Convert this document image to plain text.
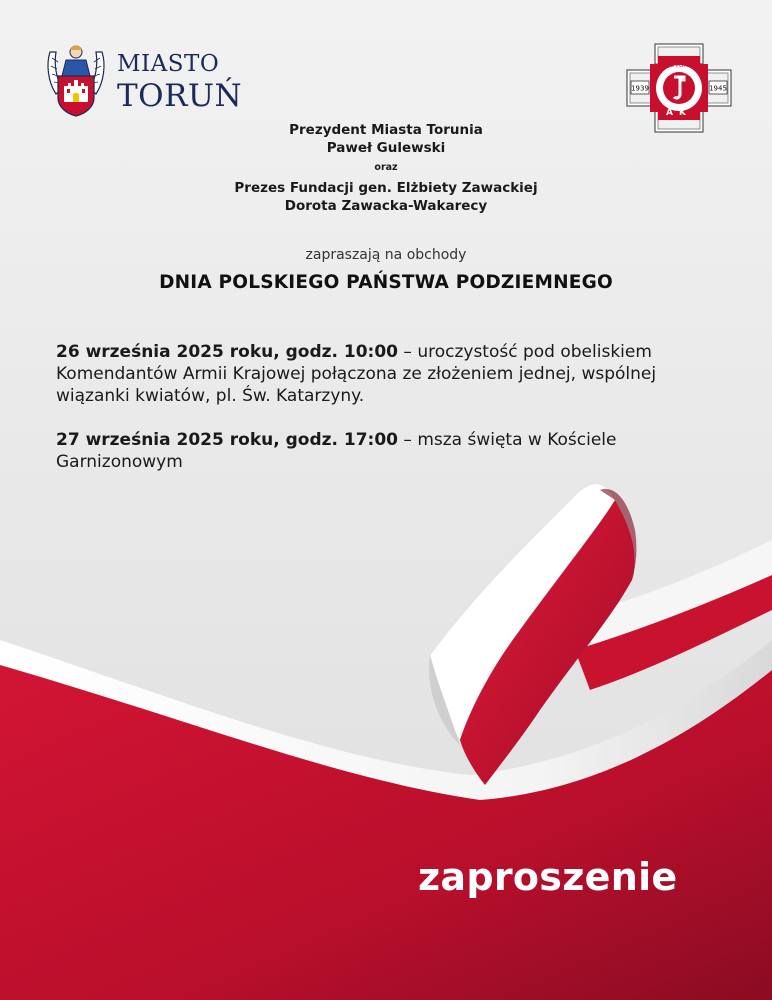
MIASTO
TORUŃ	1939	1945
OKRĘG POMORZE
AK
Prezydent Miasta Torunia
Paweł Gulewski
oraz
Prezes Fundacji gen. Elżbiety Zawackiej
Dorota Zawacka-Wakarecy
zapraszają na obchody
DNIA POLSKIEGO PAŃSTWA PODZIEMNEGO

26 września 2025 roku, godz. 10:00 – uroczystość pod obeliskiem Komendantów Armii Krajowej połączona ze złożeniem jednej, wspólnej wiązanki kwiatów, pl. Św. Katarzyny.

27 września 2025 roku, godz. 17:00 – msza święta w Kościele Garnizonowym

zaproszenie
